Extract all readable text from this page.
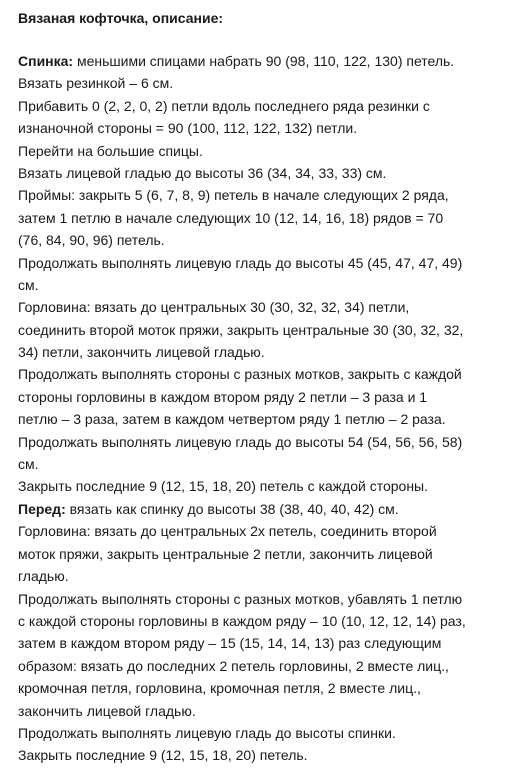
Вязаная кофточка, описание:
Спинка: меньшими спицами набрать 90 (98, 110, 122, 130) петель.
Вязать резинкой – 6 см.
Прибавить 0 (2, 2, 0, 2) петли вдоль последнего ряда резинки с
изнаночной стороны = 90 (100, 112, 122, 132) петли.
Перейти на большие спицы.
Вязать лицевой гладью до высоты 36 (34, 34, 33, 33) см.
Проймы: закрыть 5 (6, 7, 8, 9) петель в начале следующих 2 ряда,
затем 1 петлю в начале следующих 10 (12, 14, 16, 18) рядов = 70
(76, 84, 90, 96) петель.
Продолжать выполнять лицевую гладь до высоты 45 (45, 47, 47, 49)
см.
Горловина: вязать до центральных 30 (30, 32, 32, 34) петли,
соединить второй моток пряжи, закрыть центральные 30 (30, 32, 32,
34) петли, закончить лицевой гладью.
Продолжать выполнять стороны с разных мотков, закрыть с каждой
стороны горловины в каждом втором ряду 2 петли – 3 раза и 1
петлю – 3 раза, затем в каждом четвертом ряду 1 петлю – 2 раза.
Продолжать выполнять лицевую гладь до высоты 54 (54, 56, 56, 58)
см.
Закрыть последние 9 (12, 15, 18, 20) петель с каждой стороны.
Перед: вязать как спинку до высоты 38 (38, 40, 40, 42) см.
Горловина: вязать до центральных 2х петель, соединить второй
моток пряжи, закрыть центральные 2 петли, закончить лицевой
гладью.
Продолжать выполнять стороны с разных мотков, убавлять 1 петлю
с каждой стороны горловины в каждом ряду – 10 (10, 12, 12, 14) раз,
затем в каждом втором ряду – 15 (15, 14, 14, 13) раз следующим
образом: вязать до последних 2 петель горловины, 2 вместе лиц.,
кромочная петля, горловина, кромочная петля, 2 вместе лиц.,
закончить лицевой гладью.
Продолжать выполнять лицевую гладь до высоты спинки.
Закрыть последние 9 (12, 15, 18, 20) петель.
